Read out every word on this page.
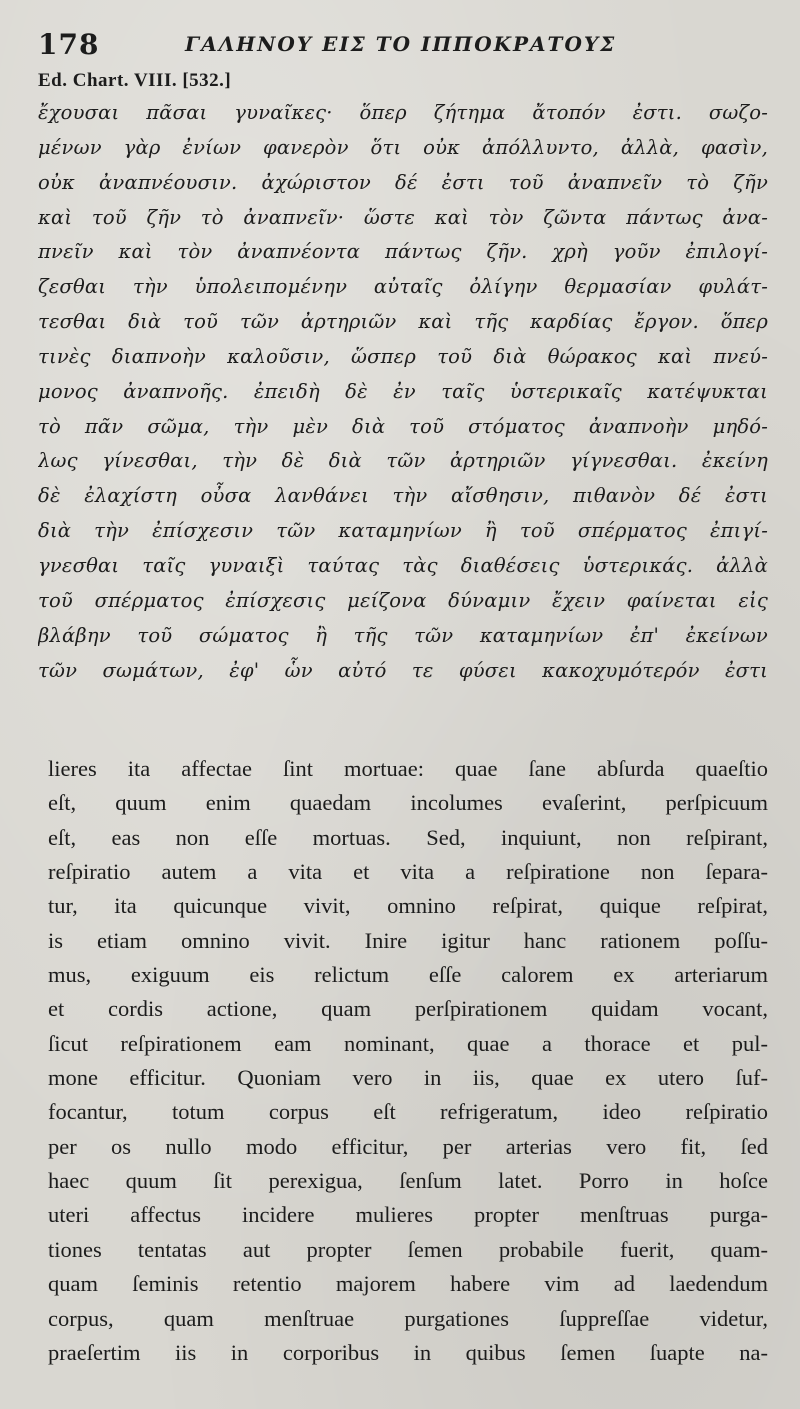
178	ΓΑΛΗΝΟΥ ΕΙΣ ΤΟ ΙΠΠΟΚΡΑΤΟΥΣ
Ed. Chart. VIII. [532.]
ἔχουσαι πᾶσαι γυναῖκες· ὅπερ ζήτημα ἄτοπόν ἐστι. σωζο-
μένων γὰρ ἐνίων φανερὸν ὅτι οὐκ ἀπόλλυντο, ἀλλὰ, φασὶν,
οὐκ ἀναπνέουσιν. ἀχώριστον δέ ἐστι τοῦ ἀναπνεῖν τὸ ζῆν
καὶ τοῦ ζῆν τὸ ἀναπνεῖν· ὥστε καὶ τὸν ζῶντα πάντως ἀνα-
πνεῖν καὶ τὸν ἀναπνέοντα πάντως ζῆν. χρὴ γοῦν ἐπιλογί-
ζεσθαι τὴν ὑπολειπομένην αὐταῖς ὀλίγην θερμασίαν φυλάτ-
τεσθαι διὰ τοῦ τῶν ἀρτηριῶν καὶ τῆς καρδίας ἔργον. ὅπερ
τινὲς διαπνοὴν καλοῦσιν, ὥσπερ τοῦ διὰ θώρακος καὶ πνεύ-
μονος ἀναπνοῆς. ἐπειδὴ δὲ ἐν ταῖς ὑστερικαῖς κατέψυκται
τὸ πᾶν σῶμα, τὴν μὲν διὰ τοῦ στόματος ἀναπνοὴν μηδό-
λως γίνεσθαι, τὴν δὲ διὰ τῶν ἀρτηριῶν γίγνεσθαι. ἐκείνη
δὲ ἐλαχίστη οὖσα λανθάνει τὴν αἴσθησιν, πιθανὸν δέ ἐστι
διὰ τὴν ἐπίσχεσιν τῶν καταμηνίων ἢ τοῦ σπέρματος ἐπιγί-
γνεσθαι ταῖς γυναιξὶ ταύτας τὰς διαθέσεις ὑστερικάς. ἀλλὰ
τοῦ σπέρματος ἐπίσχεσις μείζονα δύναμιν ἔχειν φαίνεται εἰς
βλάβην τοῦ σώματος ἢ τῆς τῶν καταμηνίων ἐπ' ἐκείνων
τῶν σωμάτων, ἐφ' ὧν αὐτό τε φύσει κακοχυμότερόν ἐστι
lieres ita affectae ſint mortuae: quae ſane abſurda quaeſtio
eſt, quum enim quaedam incolumes evaſerint, perſpicuum
eſt, eas non eſſe mortuas. Sed, inquiunt, non reſpirant,
reſpiratio autem a vita et vita a reſpiratione non ſepara-
tur, ita quicunque vivit, omnino reſpirat, quique reſpirat,
is etiam omnino vivit. Inire igitur hanc rationem poſſu-
mus, exiguum eis relictum eſſe calorem ex arteriarum
et cordis actione, quam perſpirationem quidam vocant,
ſicut reſpirationem eam nominant, quae a thorace et pul-
mone efficitur. Quoniam vero in iis, quae ex utero ſuf-
focantur, totum corpus eſt refrigeratum, ideo reſpiratio
per os nullo modo efficitur, per arterias vero fit, ſed
haec quum ſit perexigua, ſenſum latet. Porro in hoſce
uteri affectus incidere mulieres propter menſtruas purga-
tiones tentatas aut propter ſemen probabile fuerit, quam-
quam ſeminis retentio majorem habere vim ad laedendum
corpus, quam menſtruae purgationes ſuppreſſae videtur,
praeſertim iis in corporibus in quibus ſemen ſuapte na-
